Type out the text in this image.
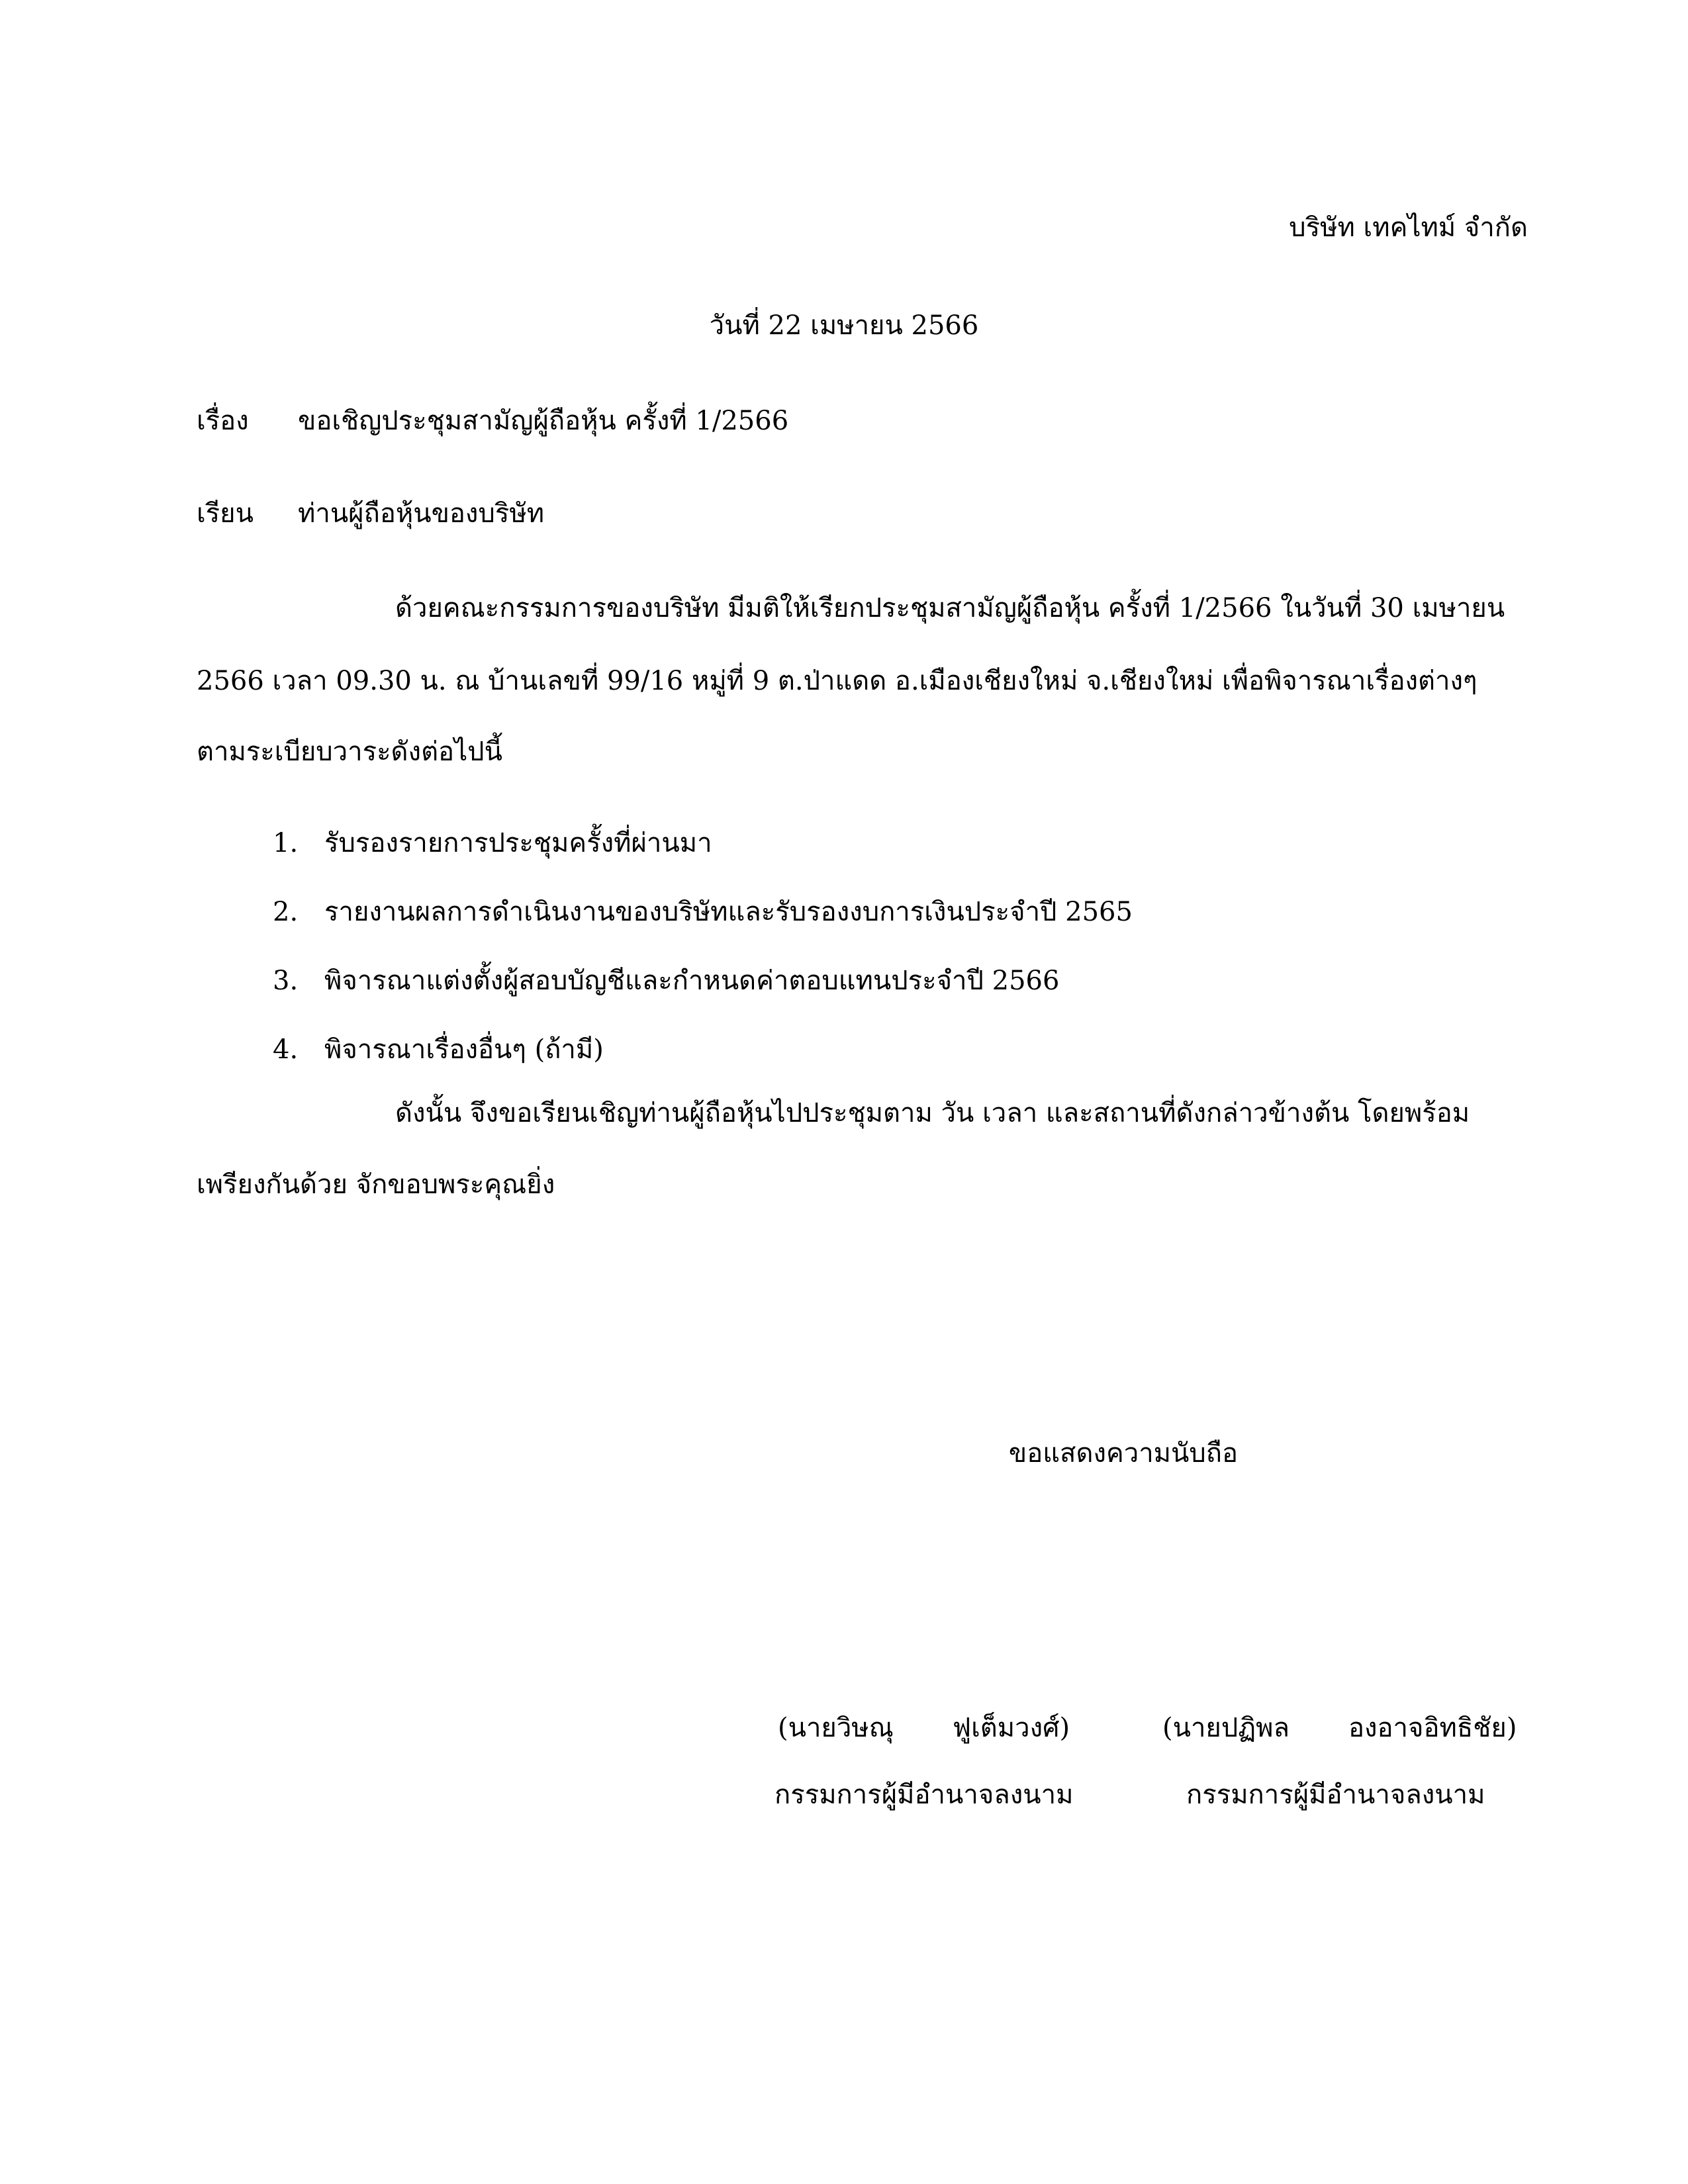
บริษัท เทคไทม์ จำกัด
วันที่ 22 เมษายน 2566
เรื่อง ขอเชิญประชุมสามัญผู้ถือหุ้น ครั้งที่ 1/2566
เรียน ท่านผู้ถือหุ้นของบริษัท
ด้วยคณะกรรมการของบริษัท มีมติให้เรียกประชุมสามัญผู้ถือหุ้น ครั้งที่ 1/2566 ในวันที่ 30 เมษายน
2566 เวลา 09.30 น. ณ บ้านเลขที่ 99/16 หมู่ที่ 9 ต.ป่าแดด อ.เมืองเชียงใหม่ จ.เชียงใหม่ เพื่อพิจารณาเรื่องต่างๆ
ตามระเบียบวาระดังต่อไปนี้
1. รับรองรายการประชุมครั้งที่ผ่านมา
2. รายงานผลการดำเนินงานของบริษัทและรับรองงบการเงินประจำปี 2565
3. พิจารณาแต่งตั้งผู้สอบบัญชีและกำหนดค่าตอบแทนประจำปี 2566
4. พิจารณาเรื่องอื่นๆ (ถ้ามี)
ดังนั้น จึงขอเรียนเชิญท่านผู้ถือหุ้นไปประชุมตาม วัน เวลา และสถานที่ดังกล่าวข้างต้น โดยพร้อม
เพรียงกันด้วย จักขอบพระคุณยิ่ง
ขอแสดงความนับถือ
(นายวิษณุ       ฟูเต็มวงศ์)
กรรมการผู้มีอำนาจลงนาม
(นายปฏิพล       องอาจอิทธิชัย)
กรรมการผู้มีอำนาจลงนาม
